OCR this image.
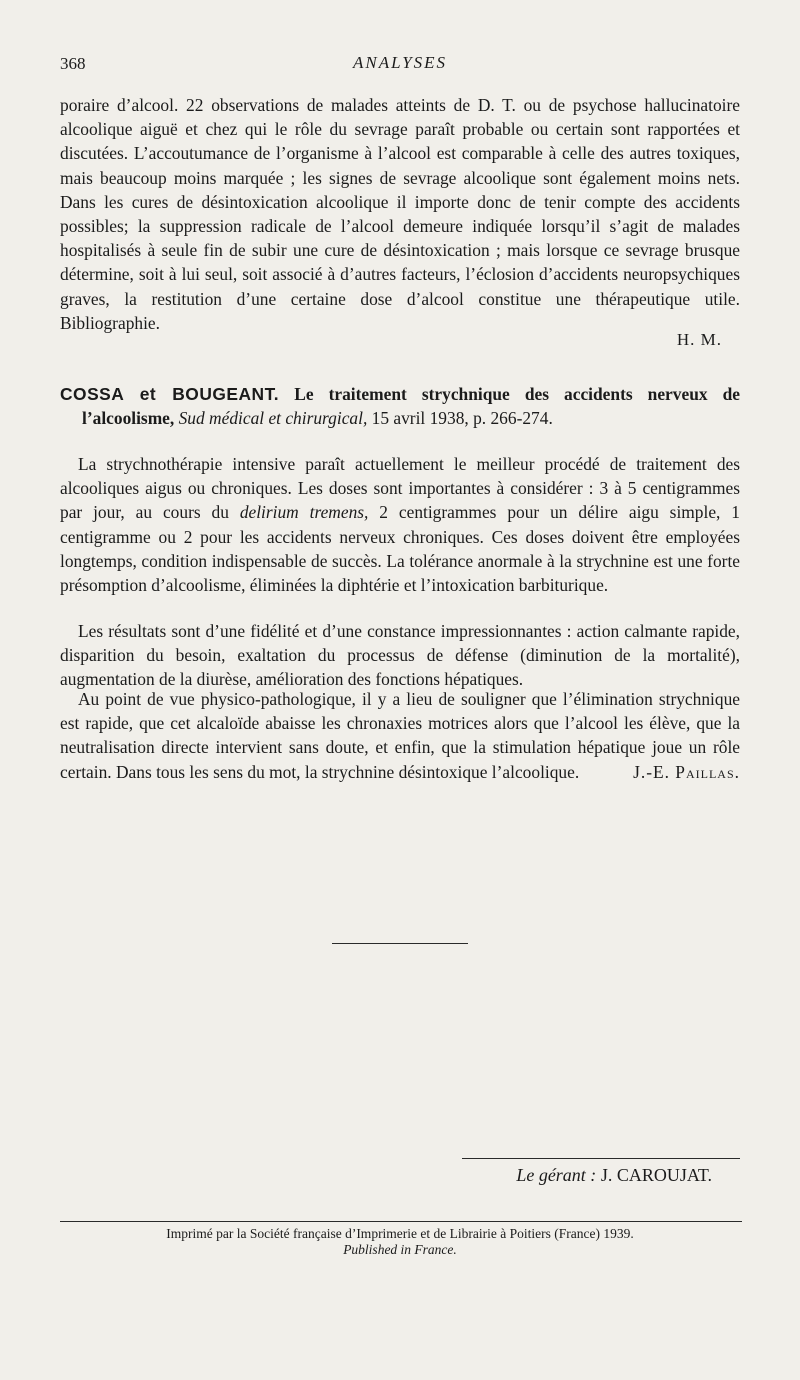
368	ANALYSES

poraire d’alcool. 22 observations de malades atteints de D. T. ou de psychose hallucinatoire alcoolique aiguë et chez qui le rôle du sevrage paraît probable ou certain sont rapportées et discutées. L’accoutumance de l’organisme à l’alcool est comparable à celle des autres toxiques, mais beaucoup moins marquée ; les signes de sevrage alcoolique sont également moins nets. Dans les cures de désintoxication alcoolique il importe donc de tenir compte des accidents possibles; la suppression radicale de l’alcool demeure indiquée lorsqu’il s’agit de malades hospitalisés à seule fin de subir une cure de désintoxication ; mais lorsque ce sevrage brusque détermine, soit à lui seul, soit associé à d’autres facteurs, l’éclosion d’accidents neuropsychiques graves, la restitution d’une certaine dose d’alcool constitue une thérapeutique utile. Bibliographie.

H. M.

COSSA et BOUGEANT. Le traitement strychnique des accidents nerveux de l’alcoolisme, Sud médical et chirurgical, 15 avril 1938, p. 266-274.

La strychnothérapie intensive paraît actuellement le meilleur procédé de traitement des alcooliques aigus ou chroniques. Les doses sont importantes à considérer : 3 à 5 centigrammes par jour, au cours du delirium tremens, 2 centigrammes pour un délire aigu simple, 1 centigramme ou 2 pour les accidents nerveux chroniques. Ces doses doivent être employées longtemps, condition indispensable de succès. La tolérance anormale à la strychnine est une forte présomption d’alcoolisme, éliminées la diphtérie et l’intoxication barbiturique.

Les résultats sont d’une fidélité et d’une constance impressionnantes : action calmante rapide, disparition du besoin, exaltation du processus de défense (diminution de la mortalité), augmentation de la diurèse, amélioration des fonctions hépatiques.

Au point de vue physico-pathologique, il y a lieu de souligner que l’élimination strychnique est rapide, que cet alcaloïde abaisse les chronaxies motrices alors que l’alcool les élève, que la neutralisation directe intervient sans doute, et enfin, que la stimulation hépatique joue un rôle certain. Dans tous les sens du mot, la strychnine désintoxique l’alcoolique.	J.-E. Paillas.

Le gérant : J. CAROUJAT.
Imprimé par la Société française d’Imprimerie et de Librairie à Poitiers (France) 1939.
Published in France.
